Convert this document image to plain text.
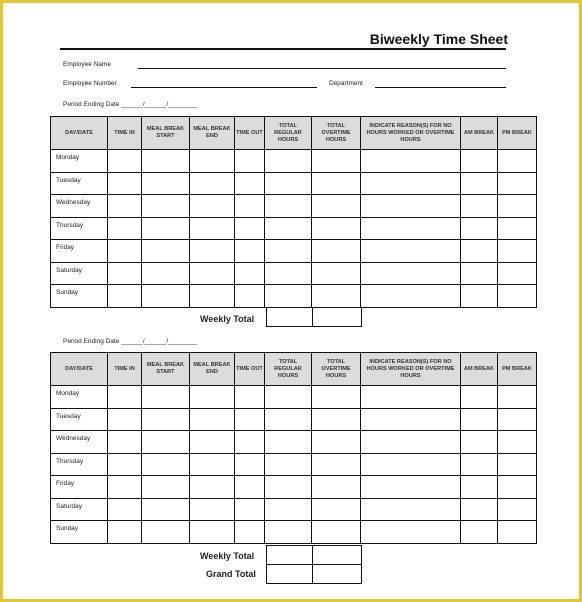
Biweekly Time Sheet
Employee Name
Employee Number	Department
Period Ending Date ______/______/________
DAY/DATE	TIME IN	MEAL BREAK START	MEAL BREAK END	TIME OUT	TOTAL REGULAR HOURS	TOTAL OVERTIME HOURS	INDICATE REASON(S) FOR NO HOURS WORKED OR OVERTIME HOURS	AM BREAK	PM BREAK
Monday									
Tuesday									
Wednesday									
Thursday									
Friday									
Saturday									
Sunday									
Weekly Total
Period Ending Date ______/______/________
DAY/DATE	TIME IN	MEAL BREAK START	MEAL BREAK END	TIME OUT	TOTAL REGULAR HOURS	TOTAL OVERTIME HOURS	INDICATE REASON(S) FOR NO HOURS WORKED OR OVERTIME HOURS	AM BREAK	PM BREAK
Monday									
Tuesday									
Wednesday									
Thursday									
Friday									
Saturday									
Sunday									
Weekly Total
Grand Total
